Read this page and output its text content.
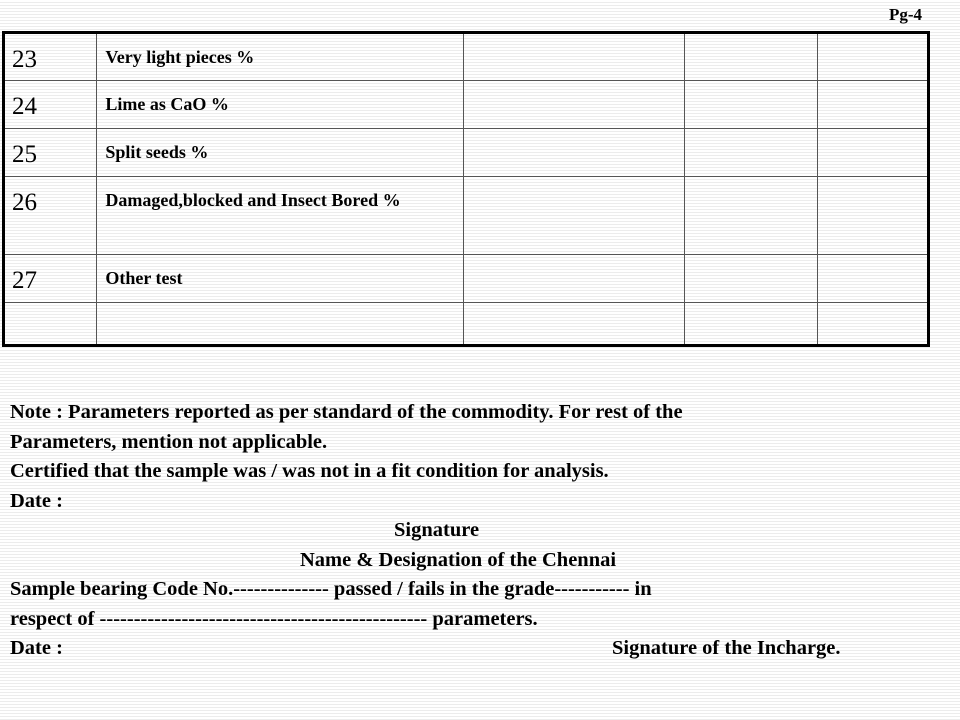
Pg-4
23	Very light pieces %			

24	Lime as CaO %			

25	Split seeds %			

26	Damaged,blocked and Insect Bored %			

27	Other test			

Note : Parameters reported as per standard of the commodity. For rest of the
Parameters, mention not applicable.
Certified that the sample was / was not in a fit condition for analysis.
Date :
Signature
Name & Designation of the Chennai
Sample bearing Code No.-------------- passed / fails in the grade----------- in
respect of ------------------------------------------------ parameters.
Date :	Signature of the Incharge.
